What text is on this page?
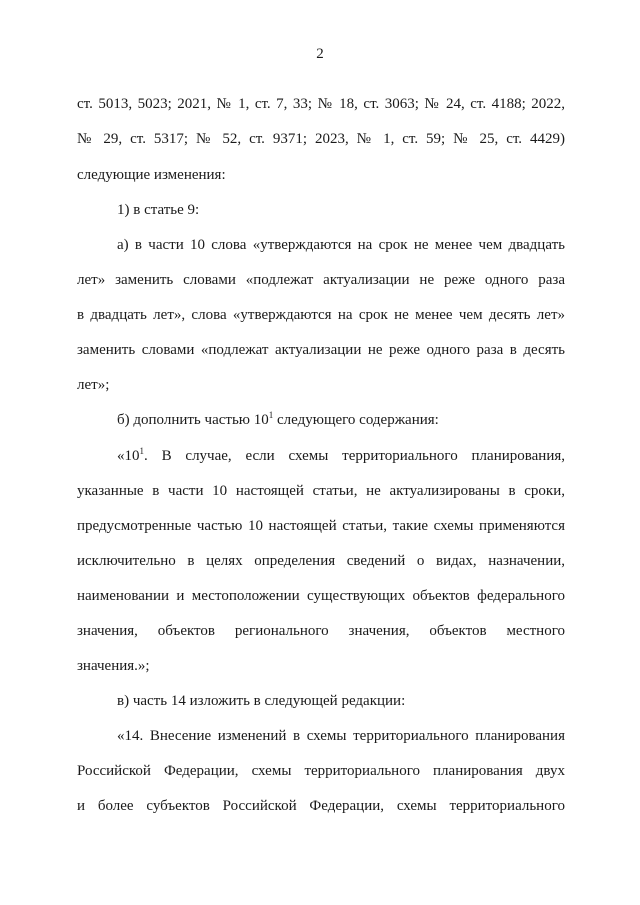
2
ст. 5013, 5023; 2021, № 1, ст. 7, 33; № 18, ст. 3063; № 24, ст. 4188; 2022,
№ 29, ст. 5317; № 52, ст. 9371; 2023, № 1, ст. 59; № 25, ст. 4429)
следующие изменения:
1) в статье 9:
а) в части 10 слова «утверждаются на срок не менее чем двадцать
лет» заменить словами «подлежат актуализации не реже одного раза
в двадцать лет», слова «утверждаются на срок не менее чем десять лет»
заменить словами «подлежат актуализации не реже одного раза в десять
лет»;
б) дополнить частью $10^1$ следующего содержания:
«$10^1$. В случае, если схемы территориального планирования,
указанные в части 10 настоящей статьи, не актуализированы в сроки,
предусмотренные частью 10 настоящей статьи, такие схемы применяются
исключительно в целях определения сведений о видах, назначении,
наименовании и местоположении существующих объектов федерального
значения, объектов регионального значения, объектов местного
значения.»;
в) часть 14 изложить в следующей редакции:
«14. Внесение изменений в схемы территориального планирования
Российской Федерации, схемы территориального планирования двух
и более субъектов Российской Федерации, схемы территориального
